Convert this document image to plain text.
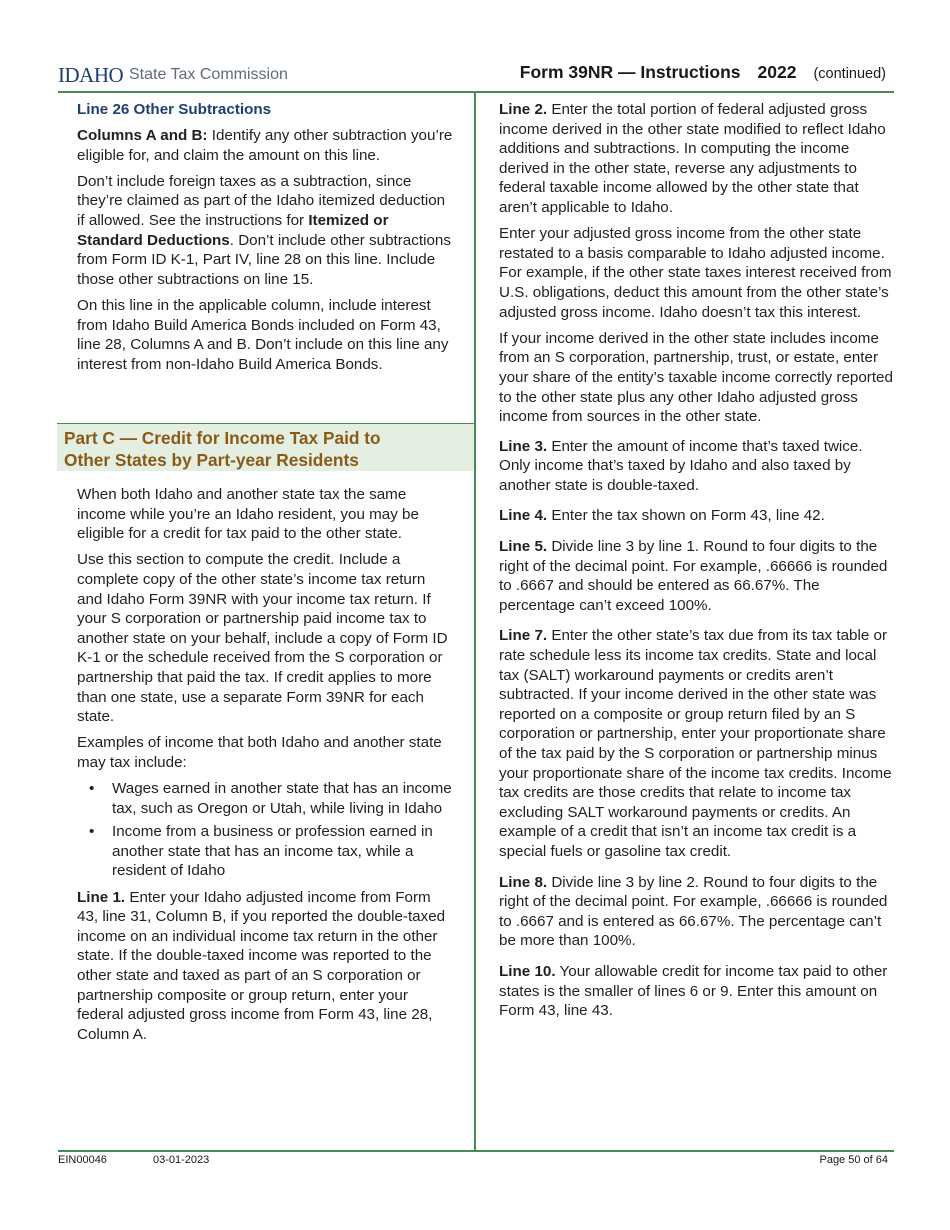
IDAHO State Tax Commission	Form 39NR — Instructions 2022 (continued)
Line 26 Other Subtractions

Columns A and B: Identify any other subtraction you’re eligible for, and claim the amount on this line.

Don’t include foreign taxes as a subtraction, since they’re claimed as part of the Idaho itemized deduction if allowed. See the instructions for Itemized or Standard Deductions. Don’t include other subtractions from Form ID K-1, Part IV, line 28 on this line. Include those other subtractions on line 15.

On this line in the applicable column, include interest from Idaho Build America Bonds included on Form 43, line 28, Columns A and B. Don’t include on this line any interest from non-Idaho Build America Bonds.

Part C — Credit for Income Tax Paid to
Other States by Part-year Residents

When both Idaho and another state tax the same income while you’re an Idaho resident, you may be eligible for a credit for tax paid to the other state.

Use this section to compute the credit. Include a complete copy of the other state’s income tax return and Idaho Form 39NR with your income tax return. If your S corporation or partnership paid income tax to another state on your behalf, include a copy of Form ID K-1 or the schedule received from the S corporation or partnership that paid the tax. If credit applies to more than one state, use a separate Form 39NR for each state.

Examples of income that both Idaho and another state may tax include:

• Wages earned in another state that has an income tax, such as Oregon or Utah, while living in Idaho
• Income from a business or profession earned in another state that has an income tax, while a resident of Idaho

Line 1. Enter your Idaho adjusted income from Form 43, line 31, Column B, if you reported the double-taxed income on an individual income tax return in the other state. If the double-taxed income was reported to the other state and taxed as part of an S corporation or partnership composite or group return, enter your federal adjusted gross income from Form 43, line 28, Column A.

Line 2. Enter the total portion of federal adjusted gross income derived in the other state modified to reflect Idaho additions and subtractions. In computing the income derived in the other state, reverse any adjustments to federal taxable income allowed by the other state that aren’t applicable to Idaho.

Enter your adjusted gross income from the other state restated to a basis comparable to Idaho adjusted income. For example, if the other state taxes interest received from U.S. obligations, deduct this amount from the other state’s adjusted gross income. Idaho doesn’t tax this interest.

If your income derived in the other state includes income from an S corporation, partnership, trust, or estate, enter your share of the entity’s taxable income correctly reported to the other state plus any other Idaho adjusted gross income from sources in the other state.

Line 3. Enter the amount of income that’s taxed twice. Only income that’s taxed by Idaho and also taxed by another state is double-taxed.

Line 4. Enter the tax shown on Form 43, line 42.

Line 5. Divide line 3 by line 1. Round to four digits to the right of the decimal point. For example, .66666 is rounded to .6667 and should be entered as 66.67%. The percentage can’t exceed 100%.

Line 7. Enter the other state’s tax due from its tax table or rate schedule less its income tax credits. State and local tax (SALT) workaround payments or credits aren’t subtracted. If your income derived in the other state was reported on a composite or group return filed by an S corporation or partnership, enter your proportionate share of the tax paid by the S corporation or partnership minus your proportionate share of the income tax credits. Income tax credits are those credits that relate to income tax excluding SALT workaround payments or credits. An example of a credit that isn’t an income tax credit is a special fuels or gasoline tax credit.

Line 8. Divide line 3 by line 2. Round to four digits to the right of the decimal point. For example, .66666 is rounded to .6667 and is entered as 66.67%. The percentage can’t be more than 100%.

Line 10. Your allowable credit for income tax paid to other states is the smaller of lines 6 or 9. Enter this amount on Form 43, line 43.

EIN00046	03-01-2023	Page 50 of 64
